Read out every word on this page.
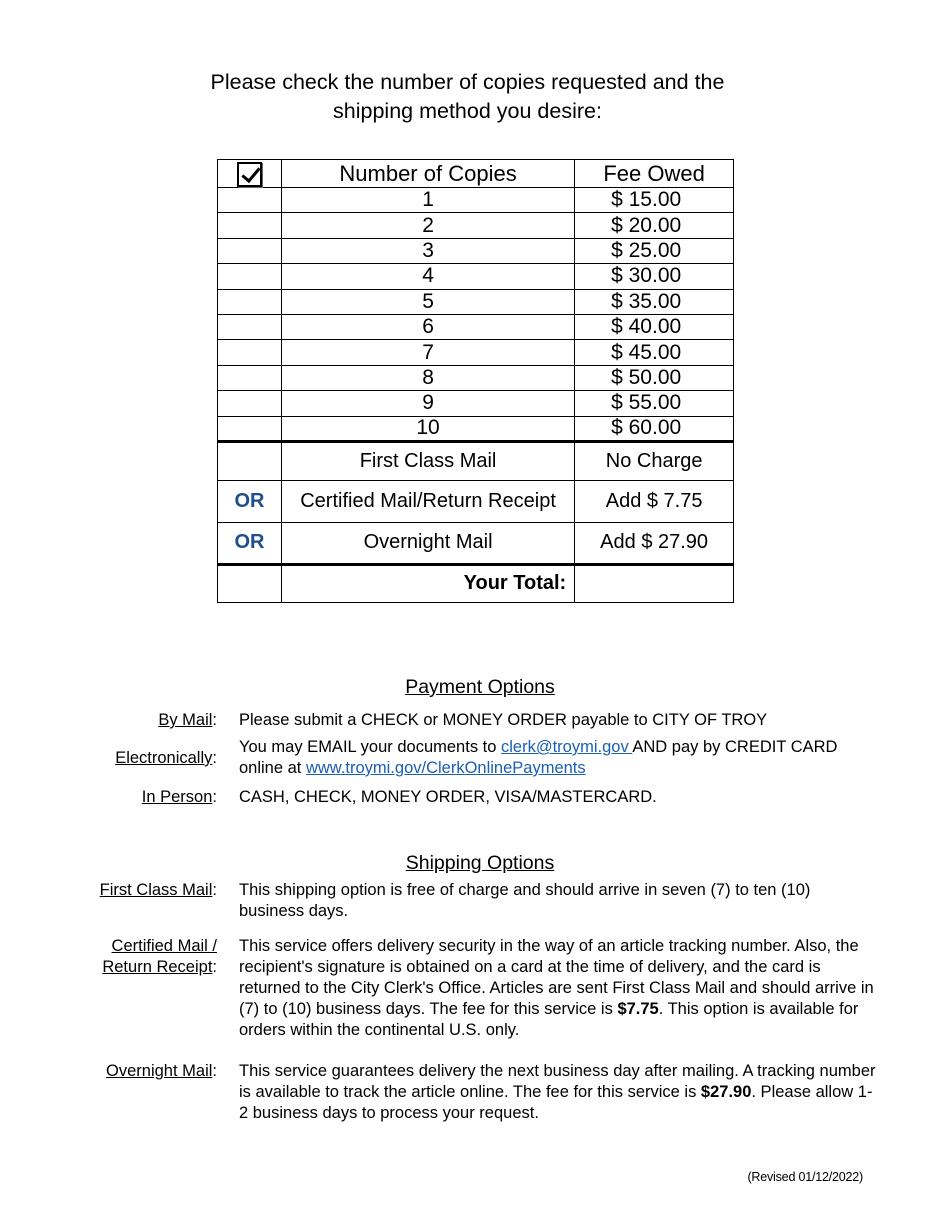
Please check the number of copies requested and the
shipping method you desire:
	Number of Copies	Fee Owed
	1	$ 15.00
	2	$ 20.00
	3	$ 25.00
	4	$ 30.00
	5	$ 35.00
	6	$ 40.00
	7	$ 45.00
	8	$ 50.00
	9	$ 55.00
	10	$ 60.00
	First Class Mail	No Charge
OR	Certified Mail/Return Receipt	Add $ 7.75
OR	Overnight Mail	Add $ 27.90
	Your Total:	
Payment Options
By Mail: Please submit a CHECK or MONEY ORDER payable to CITY OF TROY
Electronically:
You may EMAIL your documents to clerk@troymi.gov AND pay by CREDIT CARD online at www.troymi.gov/ClerkOnlinePayments
In Person: CASH, CHECK, MONEY ORDER, VISA/MASTERCARD.
Shipping Options
First Class Mail: This shipping option is free of charge and should arrive in seven (7) to ten (10) business days.
Certified Mail /
Return Receipt:
This service offers delivery security in the way of an article tracking number. Also, the recipient's signature is obtained on a card at the time of delivery, and the card is returned to the City Clerk's Office. Articles are sent First Class Mail and should arrive in (7) to (10) business days. The fee for this service is $7.75. This option is available for orders within the continental U.S. only.
Overnight Mail: This service guarantees delivery the next business day after mailing. A tracking number is available to track the article online. The fee for this service is $27.90. Please allow 1-2 business days to process your request.
(Revised 01/12/2022)
